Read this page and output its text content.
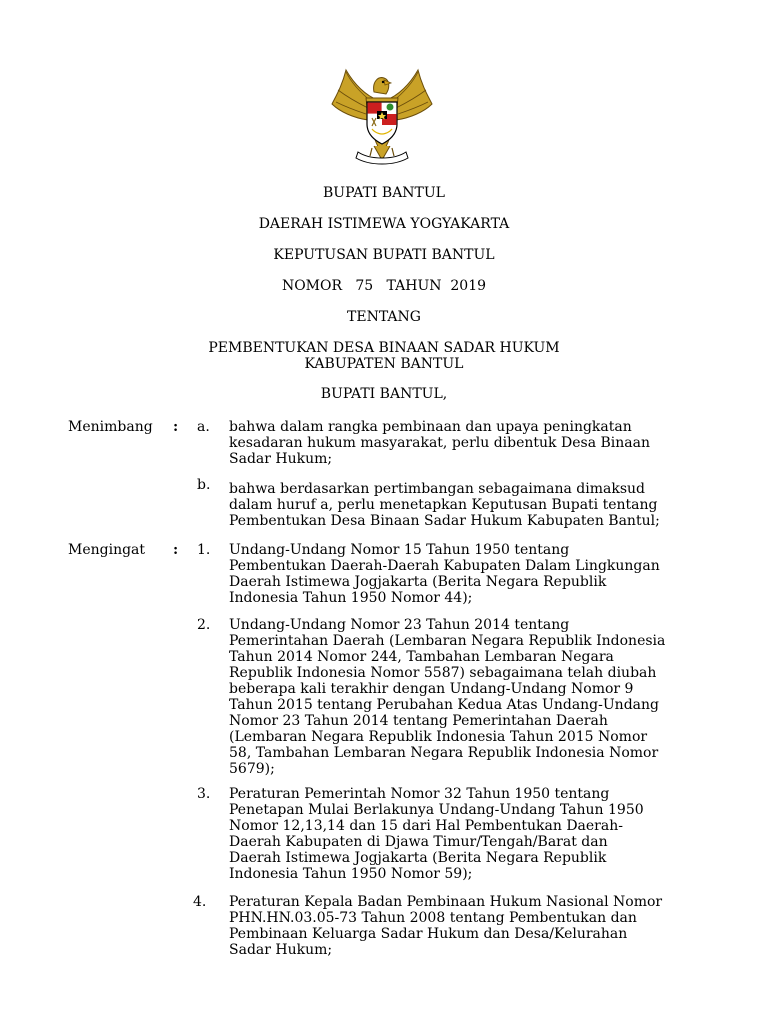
BUPATI BANTUL
DAERAH ISTIMEWA YOGYAKARTA
KEPUTUSAN BUPATI BANTUL
NOMOR   75   TAHUN  2019
TENTANG
PEMBENTUKAN DESA BINAAN SADAR HUKUM
KABUPATEN BANTUL
BUPATI BANTUL,
Menimbang : a. bahwa dalam rangka pembinaan dan upaya peningkatan
kesadaran hukum masyarakat, perlu dibentuk Desa Binaan
Sadar Hukum;
b. bahwa berdasarkan pertimbangan sebagaimana dimaksud
dalam huruf a, perlu menetapkan Keputusan Bupati tentang
Pembentukan Desa Binaan Sadar Hukum Kabupaten Bantul;
Mengingat : 1. Undang-Undang Nomor 15 Tahun 1950 tentang
Pembentukan Daerah-Daerah Kabupaten Dalam Lingkungan
Daerah Istimewa Jogjakarta (Berita Negara Republik
Indonesia Tahun 1950 Nomor 44);
2. Undang-Undang Nomor 23 Tahun 2014 tentang
Pemerintahan Daerah (Lembaran Negara Republik Indonesia
Tahun 2014 Nomor 244, Tambahan Lembaran Negara
Republik Indonesia Nomor 5587) sebagaimana telah diubah
beberapa kali terakhir dengan Undang-Undang Nomor 9
Tahun 2015 tentang Perubahan Kedua Atas Undang-Undang
Nomor 23 Tahun 2014 tentang Pemerintahan Daerah
(Lembaran Negara Republik Indonesia Tahun 2015 Nomor
58, Tambahan Lembaran Negara Republik Indonesia Nomor
5679);
3. Peraturan Pemerintah Nomor 32 Tahun 1950 tentang
Penetapan Mulai Berlakunya Undang-Undang Tahun 1950
Nomor 12,13,14 dan 15 dari Hal Pembentukan Daerah-
Daerah Kabupaten di Djawa Timur/Tengah/Barat dan
Daerah Istimewa Jogjakarta (Berita Negara Republik
Indonesia Tahun 1950 Nomor 59);
4. Peraturan Kepala Badan Pembinaan Hukum Nasional Nomor
PHN.HN.03.05-73 Tahun 2008 tentang Pembentukan dan
Pembinaan Keluarga Sadar Hukum dan Desa/Kelurahan
Sadar Hukum;
